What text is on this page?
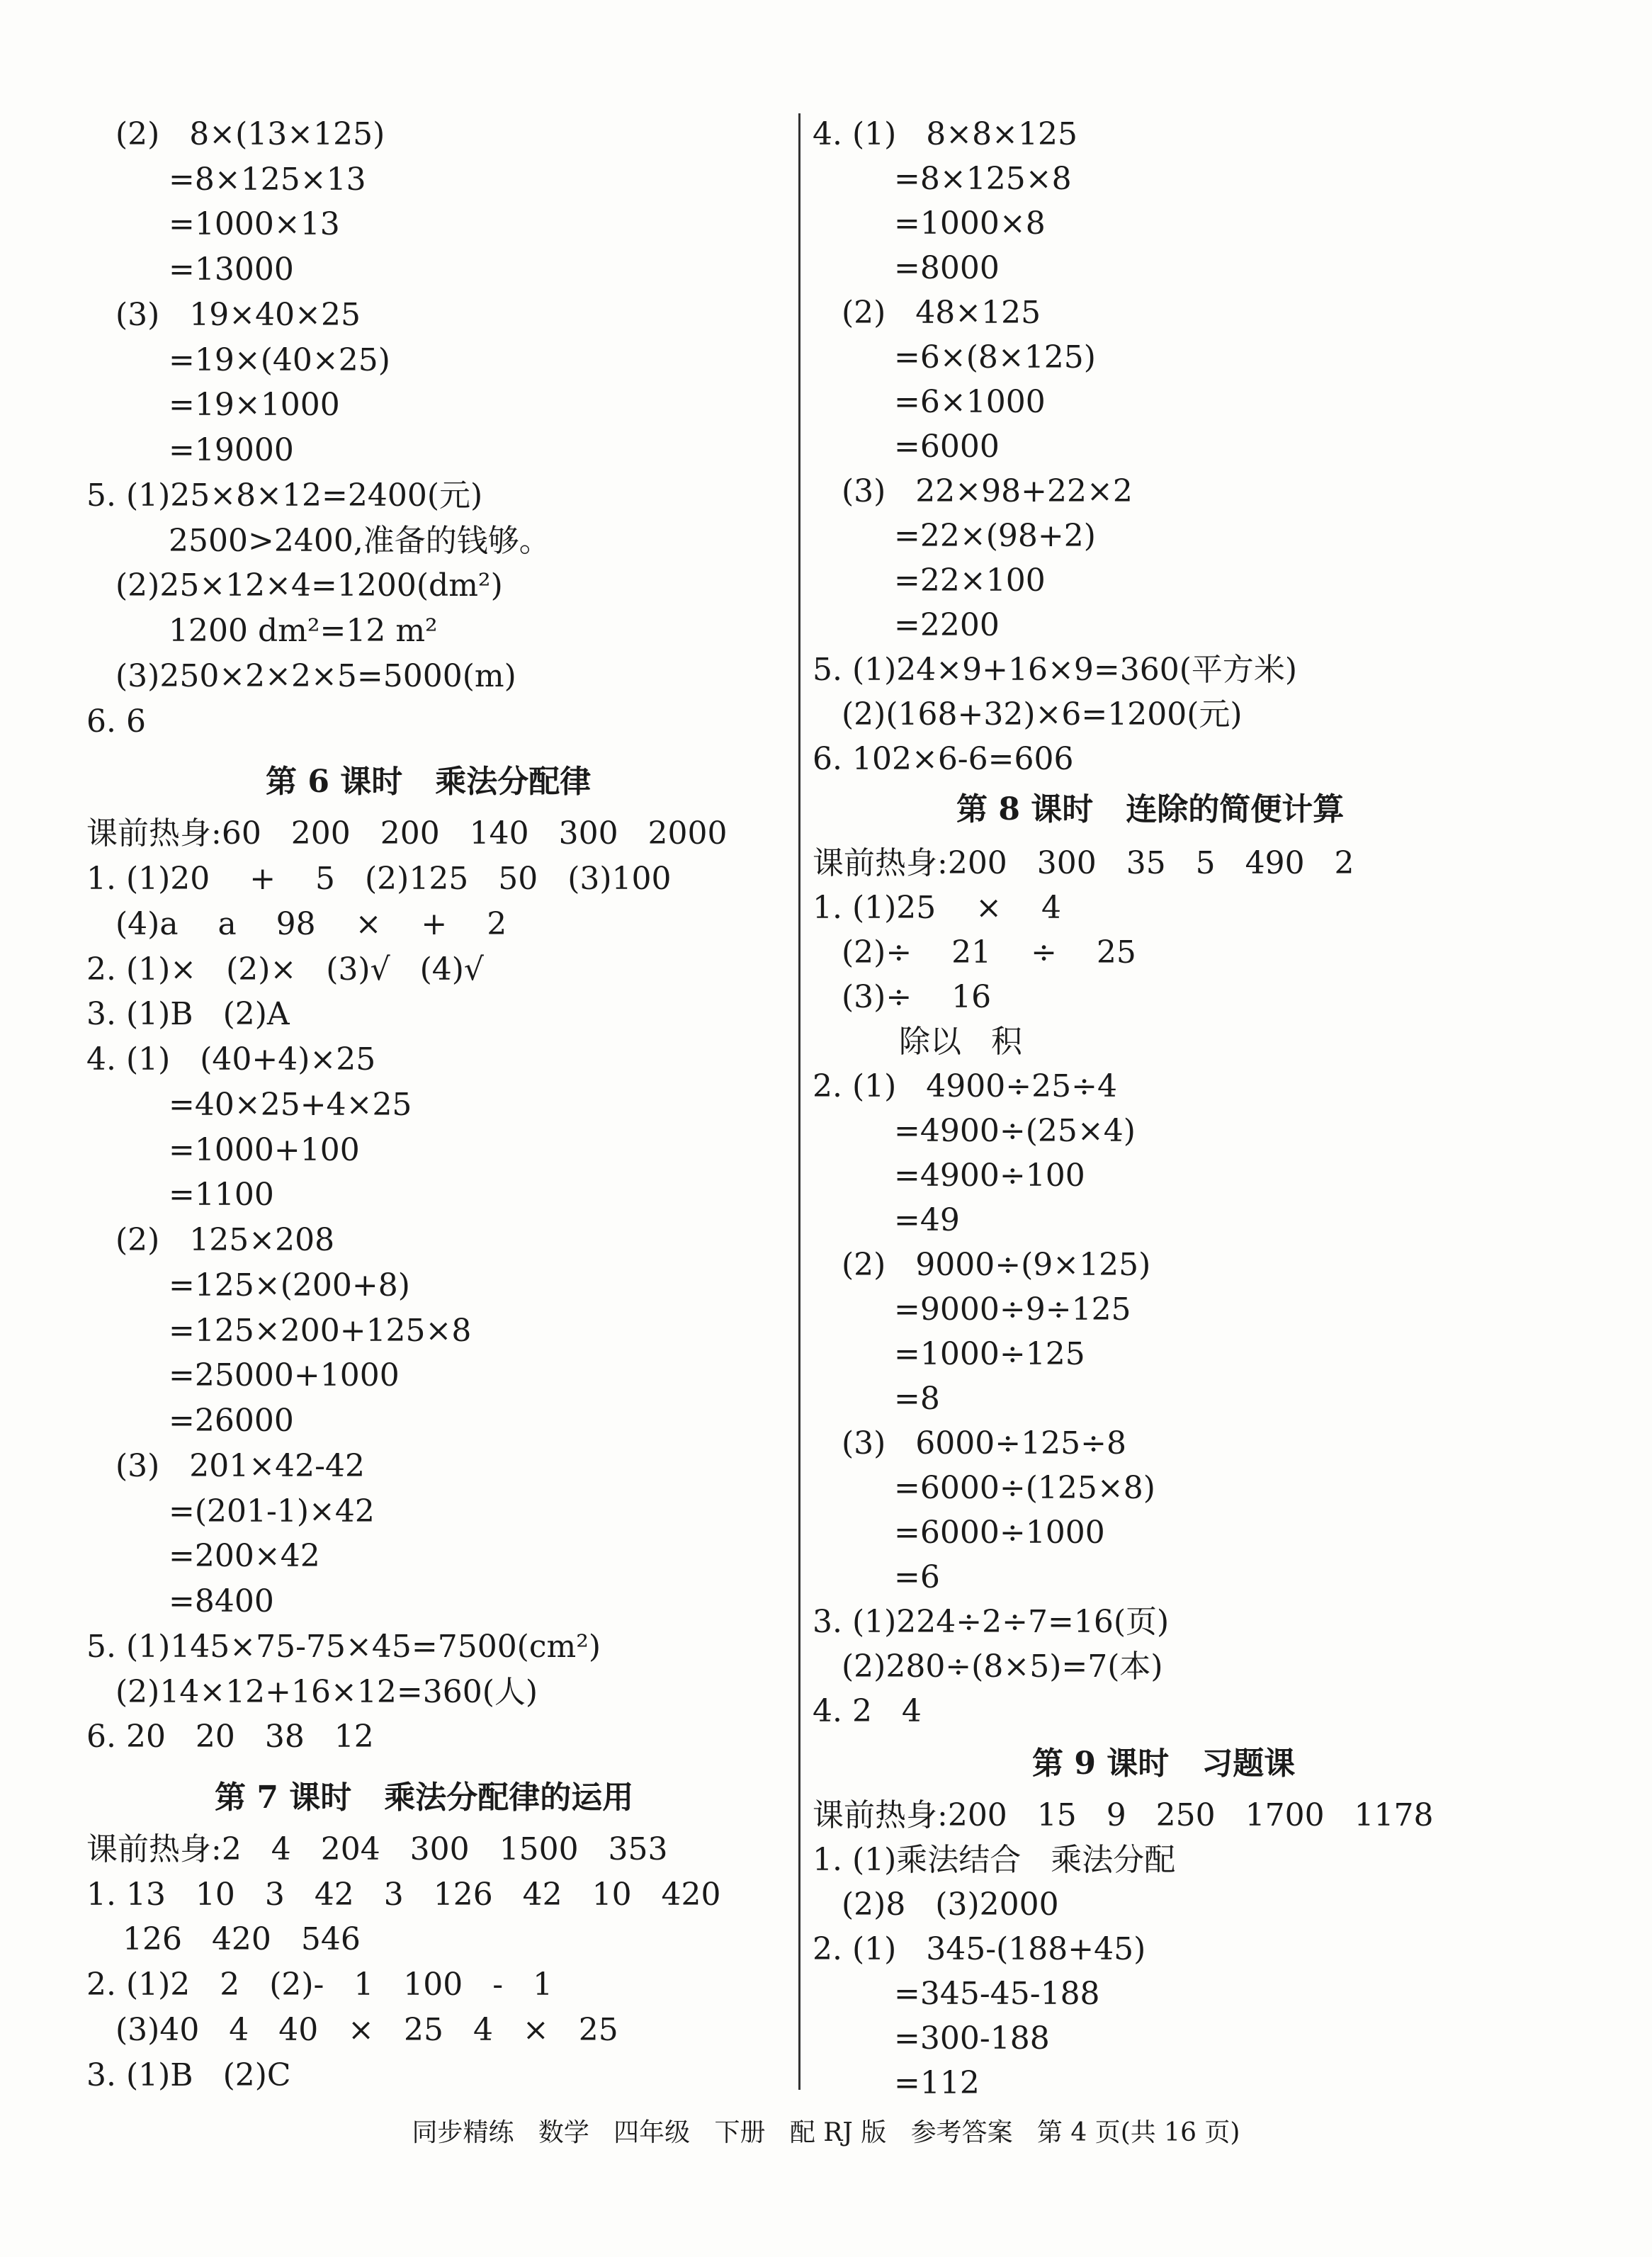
(2)   8×(13×125)
=8×125×13
=1000×13
=13000
(3)   19×40×25
=19×(40×25)
=19×1000
=19000
5. (1)25×8×12=2400(元)
2500>2400,准备的钱够。
(2)25×12×4=1200(dm²)
1200 dm²=12 m²
(3)250×2×2×5=5000(m)
6. 6
第 6 课时   乘法分配律
课前热身:60   200   200   140   300   2000
1. (1)20    +    5   (2)125   50   (3)100
(4)a    a    98    ×    +    2
2. (1)×   (2)×   (3)√   (4)√
3. (1)B   (2)A
4. (1)   (40+4)×25
=40×25+4×25
=1000+100
=1100
(2)   125×208
=125×(200+8)
=125×200+125×8
=25000+1000
=26000
(3)   201×42-42
=(201-1)×42
=200×42
=8400
5. (1)145×75-75×45=7500(cm²)
(2)14×12+16×12=360(人)
6. 20   20   38   12
第 7 课时   乘法分配律的运用
课前热身:2   4   204   300   1500   353
1. 13   10   3   42   3   126   42   10   420
126   420   546
2. (1)2   2   (2)-   1   100   -   1
(3)40   4   40   ×   25   4   ×   25
3. (1)B   (2)C
4. (1)   8×8×125
=8×125×8
=1000×8
=8000
(2)   48×125
=6×(8×125)
=6×1000
=6000
(3)   22×98+22×2
=22×(98+2)
=22×100
=2200
5. (1)24×9+16×9=360(平方米)
(2)(168+32)×6=1200(元)
6. 102×6-6=606
第 8 课时   连除的简便计算
课前热身:200   300   35   5   490   2
1. (1)25    ×    4
(2)÷    21    ÷    25
(3)÷    16
除以   积
2. (1)   4900÷25÷4
=4900÷(25×4)
=4900÷100
=49
(2)   9000÷(9×125)
=9000÷9÷125
=1000÷125
=8
(3)   6000÷125÷8
=6000÷(125×8)
=6000÷1000
=6
3. (1)224÷2÷7=16(页)
(2)280÷(8×5)=7(本)
4. 2   4
第 9 课时   习题课
课前热身:200   15   9   250   1700   1178
1. (1)乘法结合   乘法分配
(2)8   (3)2000
2. (1)   345-(188+45)
=345-45-188
=300-188
=112
同步精练   数学   四年级   下册   配 RJ 版   参考答案   第 4 页(共 16 页)
